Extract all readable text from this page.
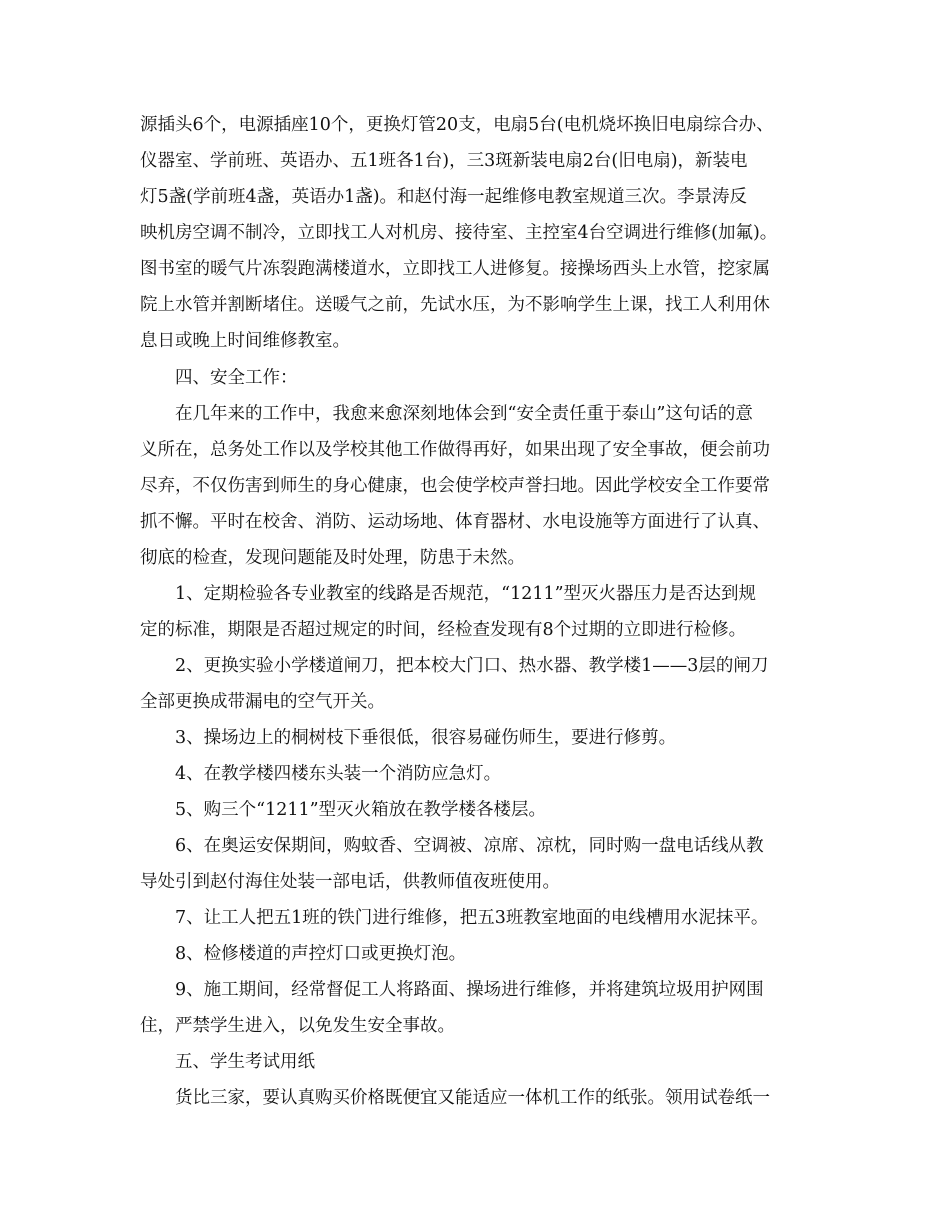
源插头6个，电源插座10个，更换灯管20支，电扇5台(电机烧坏换旧电扇综合办、
仪器室、学前班、英语办、五1班各1台)，三3斑新装电扇2台(旧电扇)，新装电
灯5盏(学前班4盏，英语办1盏)。和赵付海一起维修电教室规道三次。李景涛反
映机房空调不制冷，立即找工人对机房、接待室、主控室4台空调进行维修(加氟)。
图书室的暖气片冻裂跑满楼道水，立即找工人进修复。接操场西头上水管，挖家属
院上水管并割断堵住。送暖气之前，先试水压，为不影响学生上课，找工人利用休
息日或晚上时间维修教室。
四、安全工作：
在几年来的工作中，我愈来愈深刻地体会到“安全责任重于泰山”这句话的意
义所在，总务处工作以及学校其他工作做得再好，如果出现了安全事故，便会前功
尽弃，不仅伤害到师生的身心健康，也会使学校声誉扫地。因此学校安全工作要常
抓不懈。平时在校舍、消防、运动场地、体育器材、水电设施等方面进行了认真、
彻底的检查，发现问题能及时处理，防患于未然。
1、定期检验各专业教室的线路是否规范，“1211”型灭火器压力是否达到规
定的标准，期限是否超过规定的时间，经检查发现有8个过期的立即进行检修。
2、更换实验小学楼道闸刀，把本校大门口、热水器、教学楼1——3层的闸刀
全部更换成带漏电的空气开关。
3、操场边上的桐树枝下垂很低，很容易碰伤师生，要进行修剪。
4、在教学楼四楼东头装一个消防应急灯。
5、购三个“1211”型灭火箱放在教学楼各楼层。
6、在奥运安保期间，购蚊香、空调被、凉席、凉枕，同时购一盘电话线从教
导处引到赵付海住处装一部电话，供教师值夜班使用。
7、让工人把五1班的铁门进行维修，把五3班教室地面的电线槽用水泥抹平。
8、检修楼道的声控灯口或更换灯泡。
9、施工期间，经常督促工人将路面、操场进行维修，并将建筑垃圾用护网围
住，严禁学生进入，以免发生安全事故。
五、学生考试用纸
货比三家，要认真购买价格既便宜又能适应一体机工作的纸张。领用试卷纸一
